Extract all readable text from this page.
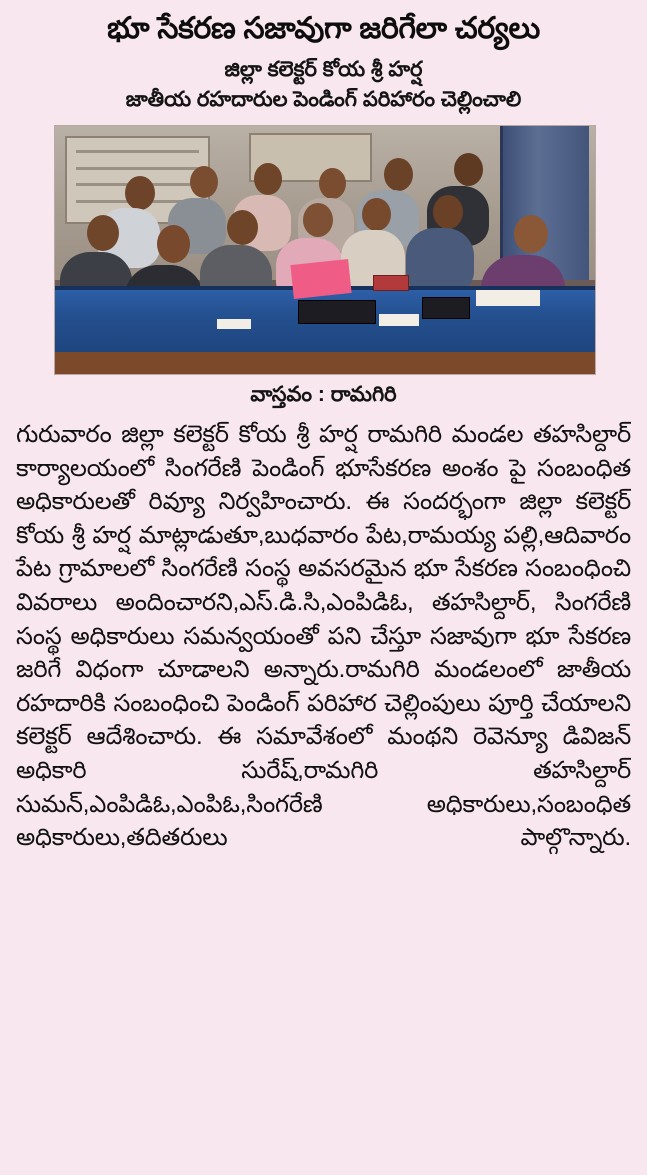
భూ సేకరణ సజావుగా జరిగేలా చర్యలు
జిల్లా కలెక్టర్ కోయ శ్రీ హర్ష
జాతీయ రహదారుల పెండింగ్ పరిహారం చెల్లించాలి
వాస్తవం : రామగిరి

గురువారం జిల్లా కలెక్టర్ కోయ శ్రీ హర్ష రామగిరి మండల తహసిల్దార్ కార్యాలయంలో సింగరేణి పెండింగ్ భూసేకరణ అంశం పై సంబంధిత అధికారులతో రివ్యూ నిర్వహించారు. ఈ సందర్భంగా జిల్లా కలెక్టర్ కోయ శ్రీ హర్ష మాట్లాడుతూ,బుధవారం పేట,రామయ్య పల్లి,ఆదివారం పేట గ్రామాలలో సింగరేణి సంస్థ అవసరమైన భూ సేకరణ సంబంధించి వివరాలు అందించారని,ఎస్.డి.సి,ఎంపిడిఓ, తహసిల్దార్, సింగరేణి సంస్థ అధికారులు సమన్వయంతో పని చేస్తూ సజావుగా భూ సేకరణ జరిగే విధంగా చూడాలని అన్నారు.రామగిరి మండలంలో జాతీయ రహదారికి సంబంధించి పెండింగ్ పరిహార చెల్లింపులు పూర్తి చేయాలని కలెక్టర్ ఆదేశించారు. ఈ సమావేశంలో మంథని రెవెన్యూ డివిజన్ అధికారి సురేష్,రామగిరి తహసిల్దార్ సుమన్,ఎంపిడిఓ,ఎంపిఓ,సింగరేణి అధికారులు,సంబంధిత అధికారులు,తదితరులు పాల్గొన్నారు.
